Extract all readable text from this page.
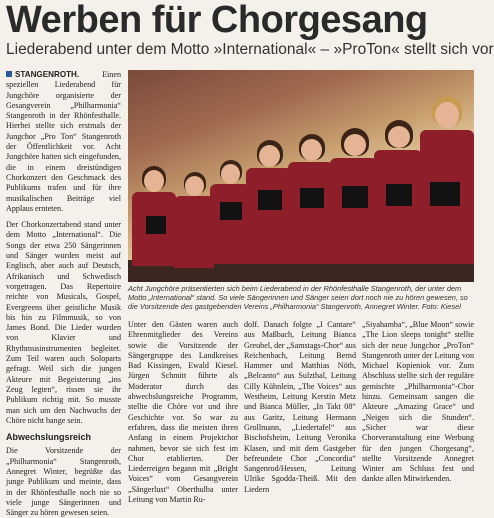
Werben für Chorgesang
Liederabend unter dem Motto »International« – »ProTon« stellt sich vor

STANGENROTH.	Einen speziellen Liederabend für Jungchöre organisierte der Gesangverein „Philharmonia“ Stangenroth in der Rhönfesthalle. Hierbei stellte sich erstmals der Jungchor „Pro Ton“ Stangenroth der Öffentlichkeit vor. Acht Jungchöre hatten sich eingefunden, die in einem dreistündigen Chorkonzert den Geschmack des Publikums trafen und für ihre musikalischen Beiträge viel Applaus ernteten.

Der Chorkonzertabend stand unter dem Motto „International“. Die Songs der etwa 250 Sängerinnen und Sänger wurden meist auf Englisch, aber auch auf Deutsch, Afrikanisch und Schwedisch vorgetragen. Das Repertoire reichte von Musicals, Gospel, Evergreens über geistliche Musik bis hin zu Filmmusik, so von James Bond. Die Lieder wurden von Klavier und Rhythmusinstrumenten begleitet. Zum Teil waren auch Soloparts gefragt. Weil sich die jungen Akteure mit Begeisterung „ins Zeug legten“, rissen sie ihr Publikum richtig mit. So musste man sich um den Nachwuchs der Chöre nicht bange sein.

Abwechslungsreich

Die Vorsitzende der „Philharmonia“ Stangenroth, Annegret Winter, begrüßte das junge Publikum und meinte, dass in der Rhönfesthalle noch nie so viele junge Sängerinnen und Sänger zu hören gewesen seien.

Acht Jungchöre präsentierten sich beim Liederabend in der Rhönfesthalle Stangenroth, der unter dem Motto „International“ stand. So viele Sängerinnen und Sänger seien dort noch nie zu hören gewesen, so die Vorsitzende des gastgebenden Vereins „Philharmonia“ Stangenroth, Annegret Winter. Foto: Kiesel
Unter den Gästen waren auch Ehrenmitglieder des Vereins sowie die Vorsitzende der Sängergruppe des Landkreises Bad Kissingen, Ewald Kiesel. Jürgen Schmitt führte als Moderator durch das abwechslungsreiche Programm, stellte die Chöre vor und ihre Geschichte vor. So war zu erfahren, dass die meisten ihren Anfang in einem Projektchor nahmen, bevor sie sich fest im Chor etablierten. Der Liederreigen begann mit „Bright Voices“ vom Gesangverein „Sängerlust“ Oberthulba unter Leitung von Martin Ru-
dolf. Danach folgte „I Cantare“ aus Maßbach, Leitung Bianca Greubel, der „Samstags-Chor“ aus Reichenbach, Leitung Bernd Hammer und Matthias Nöth, „Belcanto“ aus Sulzthal, Leitung Cilly Kühnlein, „The Voices“ aus Westheim, Leitung Kerstin Metz und Bianca Müller, „In Takt 08“ aus Garitz, Leitung Hermann Grollmann, „Liedertafel“ aus Bischofsheim, Leitung Veronika Klasen, und mit dem Gastgeber befreundete Chor „Concordia“ Sangenrod/Hessen, Leitung Ulrike Sgodda-Theiß. Mit den Liedern
„Siyahamba“, „Blue Moon“ sowie „The Lion sleeps tonight“ stellte sich der neue Jungchor „ProTon“ Stangenroth unter der Leitung von Michael Kopieniok vor. Zum Abschluss stellte sich der reguläre gemischte „Philharmonia“-Chor hinzu. Gemeinsam sangen die Akteure „Amazing Grace“ und „Neigen sich die Stunden“. „Sicher war diese Chorveranstaltung eine Werbung für den jungen Chorgesang“, stellte Vorsitzende Annegret Winter am Schluss fest und dankte allen Mitwirkenden.
